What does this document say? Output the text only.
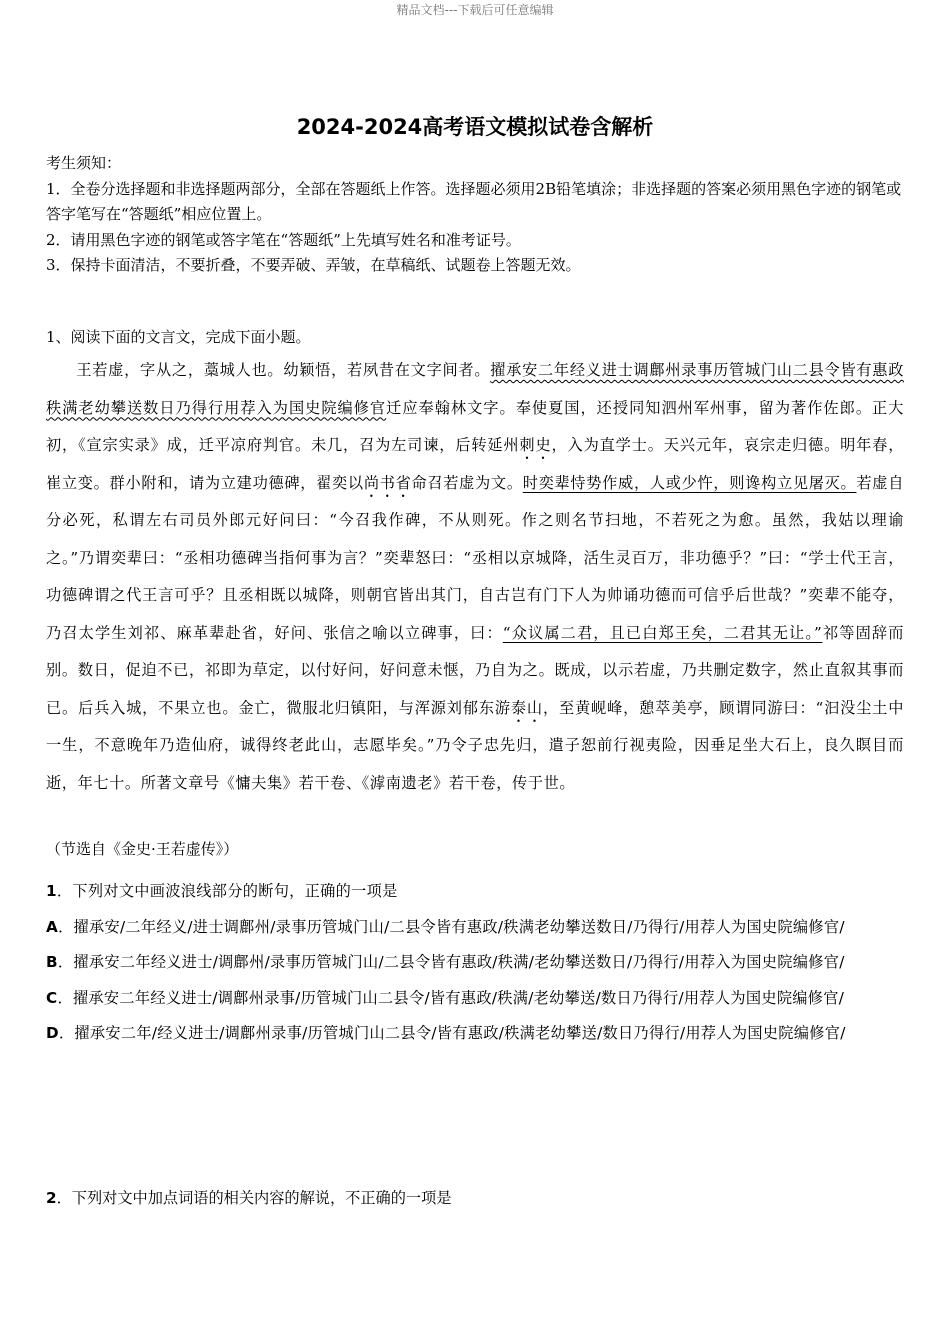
精品文档---下载后可任意编辑
2024-2024高考语文模拟试卷含解析

考生须知：

1．全卷分选择题和非选择题两部分，全部在答题纸上作答。选择题必须用2B铅笔填涂；非选择题的答案必须用黑色字迹的钢笔或答字笔写在“答题纸”相应位置上。

2．请用黑色字迹的钢笔或答字笔在“答题纸”上先填写姓名和准考证号。

3．保持卡面清洁，不要折叠，不要弄破、弄皱，在草稿纸、试题卷上答题无效。

1、阅读下面的文言文，完成下面小题。

王若虚，字从之，藁城人也。幼颖悟，若夙昔在文字间者。擢承安二年经义进士调鄜州录事历管城门山二县令皆有惠政秩满老幼攀送数日乃得行用荐入为国史院编修官迁应奉翰林文字。奉使夏国，还授同知泗州军州事，留为著作佐郎。正大初，《宣宗实录》成，迁平凉府判官。未几，召为左司谏，后转延州刺史，入为直学士。天兴元年，哀宗走归德。明年春，崔立变。群小附和，请为立建功德碑，翟奕以尚书省命召若虚为文。时奕辈恃势作威，人或少忤，则谗构立见屠灭。若虚自分必死，私谓左右司员外郎元好问曰：“今召我作碑，不从则死。作之则名节扫地，不若死之为愈。虽然，我姑以理谕之。”乃谓奕辈曰：“丞相功德碑当指何事为言？”奕辈怒曰：“丞相以京城降，活生灵百万，非功德乎？”曰：“学士代王言，功德碑谓之代王言可乎？且丞相既以城降，则朝官皆出其门，自古岂有门下人为帅诵功德而可信乎后世哉？”奕辈不能夺，乃召太学生刘祁、麻革辈赴省，好问、张信之喻以立碑事，曰：“众议属二君，且已白郑王矣，二君其无让。”祁等固辞而别。数日，促迫不已，祁即为草定，以付好问，好问意未惬，乃自为之。既成，以示若虚，乃共删定数字，然止直叙其事而已。后兵入城，不果立也。金亡，微服北归镇阳，与浑源刘郁东游泰山，至黄岘峰，憩萃美亭，顾谓同游曰：“汩没尘土中一生，不意晚年乃造仙府，诚得终老此山，志愿毕矣。”乃令子忠先归，遣子恕前行视夷险，因垂足坐大石上，良久瞑目而逝，年七十。所著文章号《慵夫集》若干卷、《滹南遗老》若干卷，传于世。

（节选自《金史·王若虚传》）

1．下列对文中画波浪线部分的断句，正确的一项是

A．擢承安/二年经义/进士调鄜州/录事历管城门山/二县令皆有惠政/秩满老幼攀送数日/乃得行/用荐人为国史院编修官/

B．擢承安二年经义进士/调鄜州/录事历管城门山/二县令皆有惠政/秩满/老幼攀送数日/乃得行/用荐入为国史院编修官/

C．擢承安二年经义进士/调鄜州录事/历管城门山二县令/皆有惠政/秩满/老幼攀送/数日乃得行/用荐人为国史院编修官/

D．擢承安二年/经义进士/调鄜州录事/历管城门山二县令/皆有惠政/秩满老幼攀送/数日乃得行/用荐人为国史院编修官/

2．下列对文中加点词语的相关内容的解说，不正确的一项是
